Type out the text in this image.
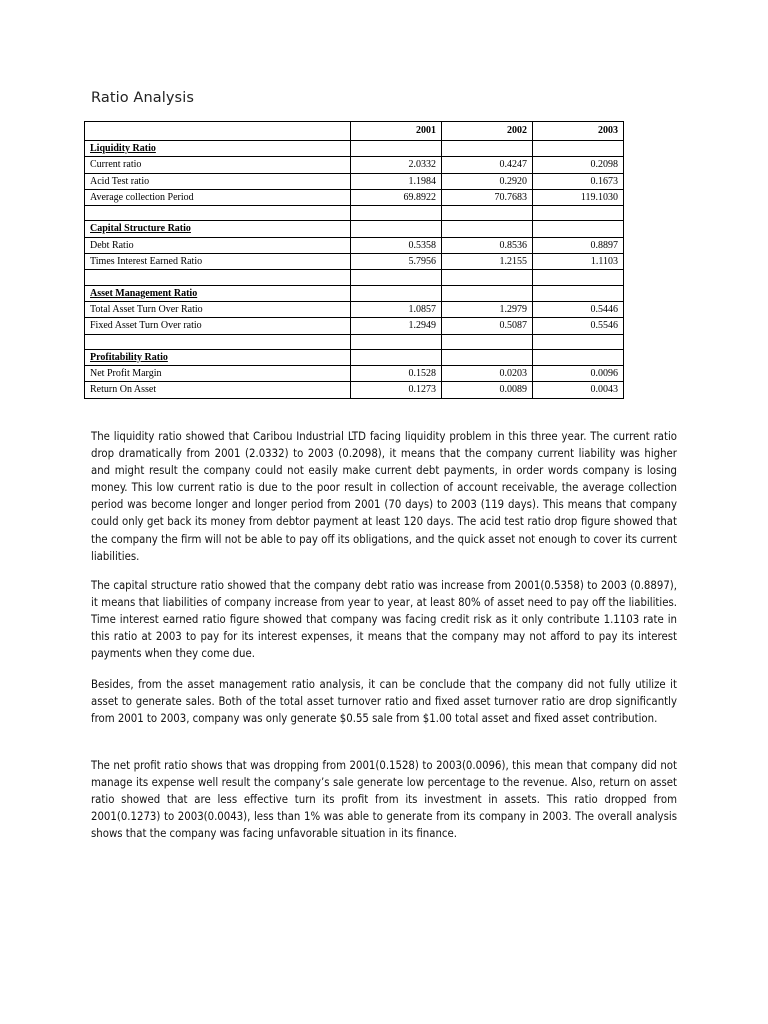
Ratio Analysis
	2001	2002	2003
Liquidity Ratio			
Current ratio	2.0332	0.4247	0.2098
Acid Test ratio	1.1984	0.2920	0.1673
Average collection Period	69.8922	70.7683	119.1030

Capital Structure Ratio			
Debt Ratio	0.5358	0.8536	0.8897
Times Interest Earned Ratio	5.7956	1.2155	1.1103

Asset Management Ratio			
Total Asset Turn Over Ratio	1.0857	1.2979	0.5446
Fixed Asset Turn Over ratio	1.2949	0.5087	0.5546

Profitability Ratio			
Net Profit Margin	0.1528	0.0203	0.0096
Return On Asset	0.1273	0.0089	0.0043

The liquidity ratio showed that Caribou Industrial LTD facing liquidity problem in this three year. The current ratio drop dramatically from 2001 (2.0332) to 2003 (0.2098), it means that the company current liability was higher and might result the company could not easily make current debt payments, in order words company is losing money. This low current ratio is due to the poor result in collection of account receivable, the average collection period was become longer and longer period from 2001 (70 days) to 2003 (119 days). This means that company could only get back its money from debtor payment at least 120 days. The acid test ratio drop figure showed that the company the firm will not be able to pay off its obligations, and the quick asset not enough to cover its current liabilities.

The capital structure ratio showed that the company debt ratio was increase from 2001(0.5358) to 2003 (0.8897), it means that liabilities of company increase from year to year, at least 80% of asset need to pay off the liabilities. Time interest earned ratio figure showed that company was facing credit risk as it only contribute 1.1103 rate in this ratio at 2003 to pay for its interest expenses, it means that the company may not afford to pay its interest payments when they come due.

Besides, from the asset management ratio analysis, it can be conclude that the company did not fully utilize it asset to generate sales. Both of the total asset turnover ratio and fixed asset turnover ratio are drop significantly from 2001 to 2003, company was only generate $0.55 sale from $1.00 total asset and fixed asset contribution.

The net profit ratio shows that was dropping from 2001(0.1528) to 2003(0.0096), this mean that company did not manage its expense well result the company’s sale generate low percentage to the revenue. Also, return on asset ratio showed that are less effective turn its profit from its investment in assets. This ratio dropped from 2001(0.1273) to 2003(0.0043), less than 1% was able to generate from its company in 2003. The overall analysis shows that the company was facing unfavorable situation in its finance.
